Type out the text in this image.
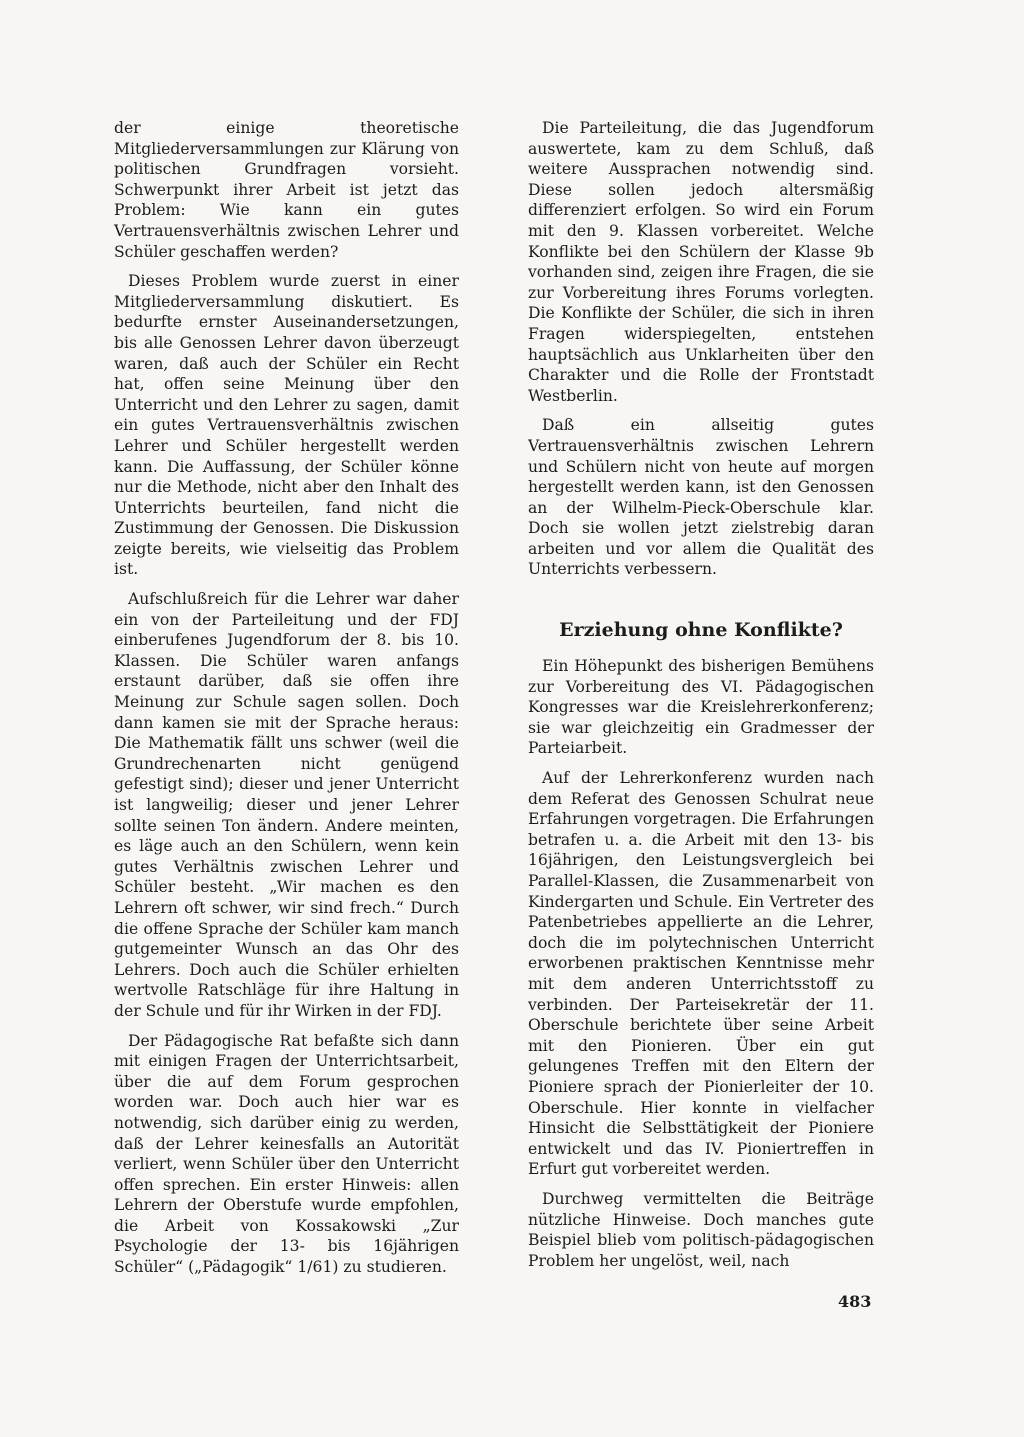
der einige theoretische Mitgliederversammlungen zur Klärung von politischen Grundfragen vorsieht. Schwerpunkt ihrer Arbeit ist jetzt das Problem: Wie kann ein gutes Vertrauensverhältnis zwischen Lehrer und Schüler geschaffen werden?

Dieses Problem wurde zuerst in einer Mitgliederversammlung diskutiert. Es bedurfte ernster Auseinandersetzungen, bis alle Genossen Lehrer davon überzeugt waren, daß auch der Schüler ein Recht hat, offen seine Meinung über den Unterricht und den Lehrer zu sagen, damit ein gutes Vertrauensverhältnis zwischen Lehrer und Schüler hergestellt werden kann. Die Auffassung, der Schüler könne nur die Methode, nicht aber den Inhalt des Unterrichts beurteilen, fand nicht die Zustimmung der Genossen. Die Diskussion zeigte bereits, wie vielseitig das Problem ist.

Aufschlußreich für die Lehrer war daher ein von der Parteileitung und der FDJ einberufenes Jugendforum der 8. bis 10. Klassen. Die Schüler waren anfangs erstaunt darüber, daß sie offen ihre Meinung zur Schule sagen sollen. Doch dann kamen sie mit der Sprache heraus: Die Mathematik fällt uns schwer (weil die Grundrechenarten nicht genügend gefestigt sind); dieser und jener Unterricht ist langweilig; dieser und jener Lehrer sollte seinen Ton ändern. Andere meinten, es läge auch an den Schülern, wenn kein gutes Verhältnis zwischen Lehrer und Schüler besteht. „Wir machen es den Lehrern oft schwer, wir sind frech.“ Durch die offene Sprache der Schüler kam manch gutgemeinter Wunsch an das Ohr des Lehrers. Doch auch die Schüler erhielten wertvolle Ratschläge für ihre Haltung in der Schule und für ihr Wirken in der FDJ.

Der Pädagogische Rat befaßte sich dann mit einigen Fragen der Unterrichtsarbeit, über die auf dem Forum gesprochen worden war. Doch auch hier war es notwendig, sich darüber einig zu werden, daß der Lehrer keinesfalls an Autorität verliert, wenn Schüler über den Unterricht offen sprechen. Ein erster Hinweis: allen Lehrern der Oberstufe wurde empfohlen, die Arbeit von Kossakowski „Zur Psychologie der 13- bis 16jährigen Schüler“ („Pädagogik“ 1/61) zu studieren.

Die Parteileitung, die das Jugendforum auswertete, kam zu dem Schluß, daß weitere Aussprachen notwendig sind. Diese sollen jedoch altersmäßig differenziert erfolgen. So wird ein Forum mit den 9. Klassen vorbereitet. Welche Konflikte bei den Schülern der Klasse 9b vorhanden sind, zeigen ihre Fragen, die sie zur Vorbereitung ihres Forums vorlegten. Die Konflikte der Schüler, die sich in ihren Fragen widerspiegelten, entstehen hauptsächlich aus Unklarheiten über den Charakter und die Rolle der Frontstadt Westberlin.

Daß ein allseitig gutes Vertrauensverhältnis zwischen Lehrern und Schülern nicht von heute auf morgen hergestellt werden kann, ist den Genossen an der Wilhelm-Pieck-Oberschule klar. Doch sie wollen jetzt zielstrebig daran arbeiten und vor allem die Qualität des Unterrichts verbessern.

Erziehung ohne Konflikte?

Ein Höhepunkt des bisherigen Bemühens zur Vorbereitung des VI. Pädagogischen Kongresses war die Kreislehrerkonferenz; sie war gleichzeitig ein Gradmesser der Parteiarbeit.

Auf der Lehrerkonferenz wurden nach dem Referat des Genossen Schulrat neue Erfahrungen vorgetragen. Die Erfahrungen betrafen u. a. die Arbeit mit den 13- bis 16jährigen, den Leistungsvergleich bei Parallel-Klassen, die Zusammenarbeit von Kindergarten und Schule. Ein Vertreter des Patenbetriebes appellierte an die Lehrer, doch die im polytechnischen Unterricht erworbenen praktischen Kenntnisse mehr mit dem anderen Unterrichtsstoff zu verbinden. Der Parteisekretär der 11. Oberschule berichtete über seine Arbeit mit den Pionieren. Über ein gut gelungenes Treffen mit den Eltern der Pioniere sprach der Pionierleiter der 10. Oberschule. Hier konnte in vielfacher Hinsicht die Selbsttätigkeit der Pioniere entwickelt und das IV. Pioniertreffen in Erfurt gut vorbereitet werden.

Durchweg vermittelten die Beiträge nützliche Hinweise. Doch manches gute Beispiel blieb vom politisch-pädagogischen Problem her ungelöst, weil, nach

483
